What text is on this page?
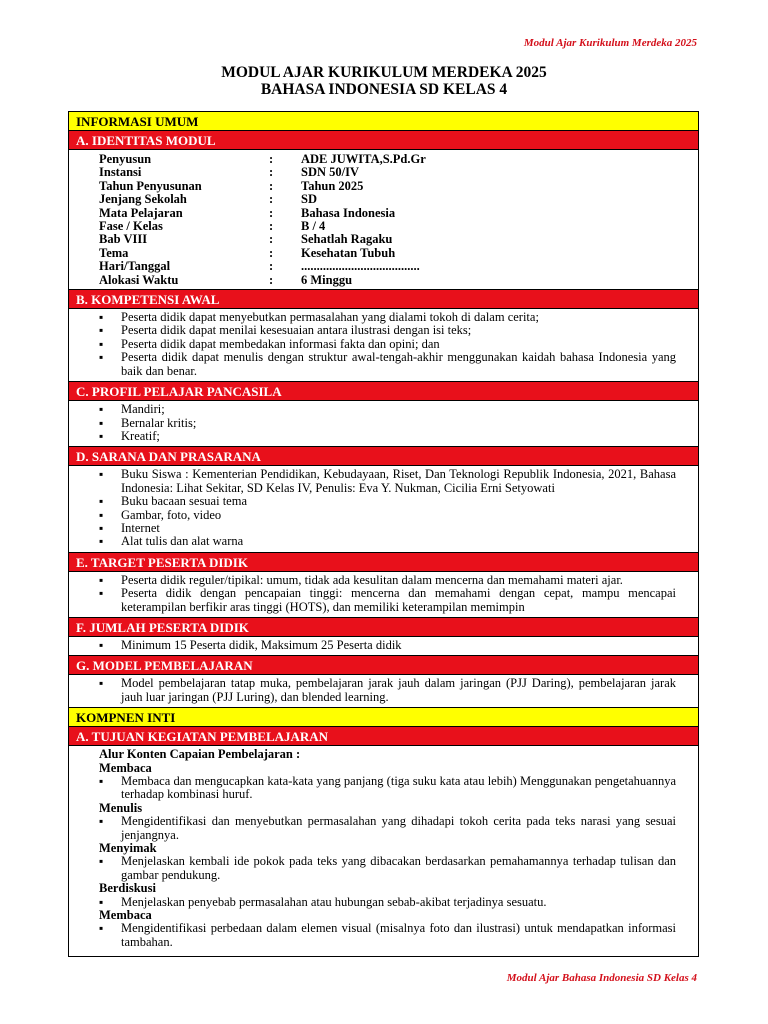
Modul Ajar Kurikulum Merdeka 2025
MODUL AJAR KURIKULUM MERDEKA 2025
BAHASA INDONESIA SD KELAS 4
INFORMASI UMUM
A. IDENTITAS MODUL
Penyusun	:	ADE JUWITA,S.Pd.Gr
Instansi	:	SDN 50/IV
Tahun Penyusunan	:	Tahun 2025
Jenjang Sekolah	:	SD
Mata Pelajaran	:	Bahasa Indonesia
Fase / Kelas	:	B / 4
Bab VIII	:	Sehatlah Ragaku
Tema	:	Kesehatan Tubuh
Hari/Tanggal	:	......................................
Alokasi Waktu	:	6 Minggu
B. KOMPETENSI AWAL
▪ Peserta didik dapat menyebutkan permasalahan yang dialami tokoh di dalam cerita;
▪ Peserta didik dapat menilai kesesuaian antara ilustrasi dengan isi teks;
▪ Peserta didik dapat membedakan informasi fakta dan opini; dan
▪ Peserta didik dapat menulis dengan struktur awal-tengah-akhir menggunakan kaidah bahasa Indonesia yang baik dan benar.
C. PROFIL PELAJAR PANCASILA
▪ Mandiri;
▪ Bernalar kritis;
▪ Kreatif;
D. SARANA DAN PRASARANA
▪ Buku Siswa : Kementerian Pendidikan, Kebudayaan, Riset, Dan Teknologi Republik Indonesia, 2021, Bahasa Indonesia: Lihat Sekitar, SD Kelas IV, Penulis: Eva Y. Nukman, Cicilia Erni Setyowati
▪ Buku bacaan sesuai tema
▪ Gambar, foto, video
▪ Internet
▪ Alat tulis dan alat warna
E. TARGET PESERTA DIDIK
▪ Peserta didik reguler/tipikal: umum, tidak ada kesulitan dalam mencerna dan memahami materi ajar.
▪ Peserta didik dengan pencapaian tinggi: mencerna dan memahami dengan cepat, mampu mencapai keterampilan berfikir aras tinggi (HOTS), dan memiliki keterampilan memimpin
F. JUMLAH PESERTA DIDIK
▪ Minimum 15 Peserta didik, Maksimum 25 Peserta didik
G. MODEL PEMBELAJARAN
▪ Model pembelajaran tatap muka, pembelajaran jarak jauh dalam jaringan (PJJ Daring), pembelajaran jarak jauh luar jaringan (PJJ Luring), dan blended learning.
KOMPNEN INTI
A. TUJUAN KEGIATAN PEMBELAJARAN
Alur Konten Capaian Pembelajaran :
Membaca
▪ Membaca dan mengucapkan kata-kata yang panjang (tiga suku kata atau lebih) Menggunakan pengetahuannya terhadap kombinasi huruf.
Menulis
▪ Mengidentifikasi dan menyebutkan permasalahan yang dihadapi tokoh cerita pada teks narasi yang sesuai jenjangnya.
Menyimak
▪ Menjelaskan kembali ide pokok pada teks yang dibacakan berdasarkan pemahamannya terhadap tulisan dan gambar pendukung.
Berdiskusi
▪ Menjelaskan penyebab permasalahan atau hubungan sebab-akibat terjadinya sesuatu.
Membaca
▪ Mengidentifikasi perbedaan dalam elemen visual (misalnya foto dan ilustrasi) untuk mendapatkan informasi tambahan.
Modul Ajar Bahasa Indonesia SD Kelas 4
